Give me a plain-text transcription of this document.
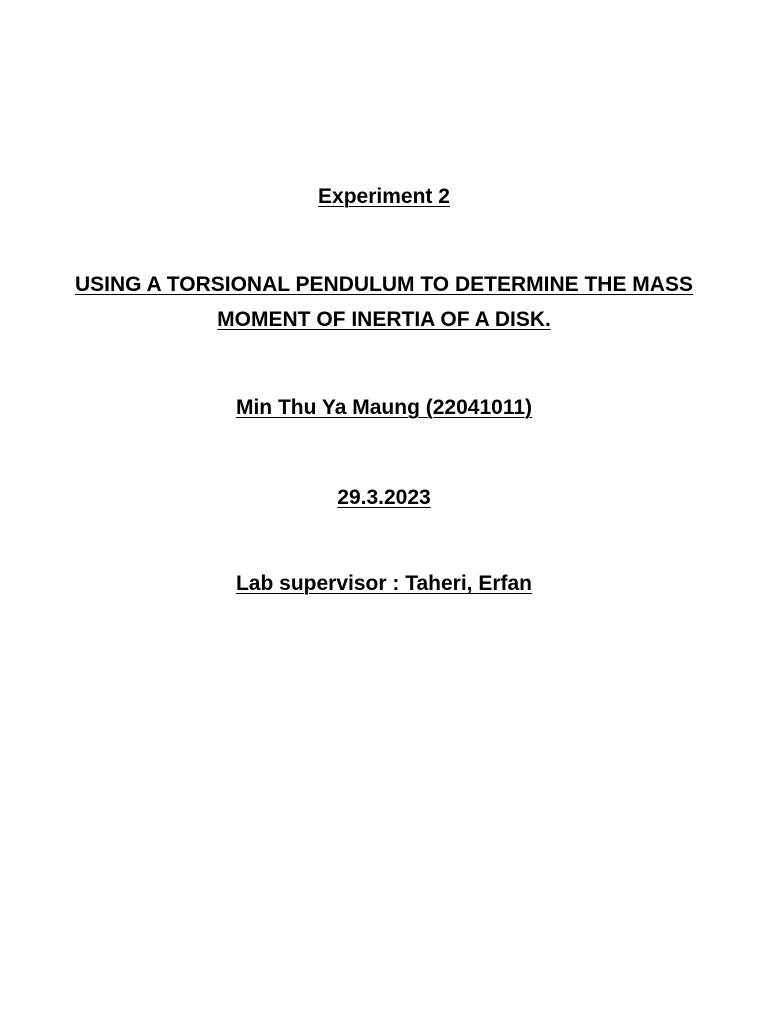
Experiment 2
USING A TORSIONAL PENDULUM TO DETERMINE THE MASS
MOMENT OF INERTIA OF A DISK.
Min Thu Ya Maung (22041011)
29.3.2023
Lab supervisor : Taheri, Erfan
